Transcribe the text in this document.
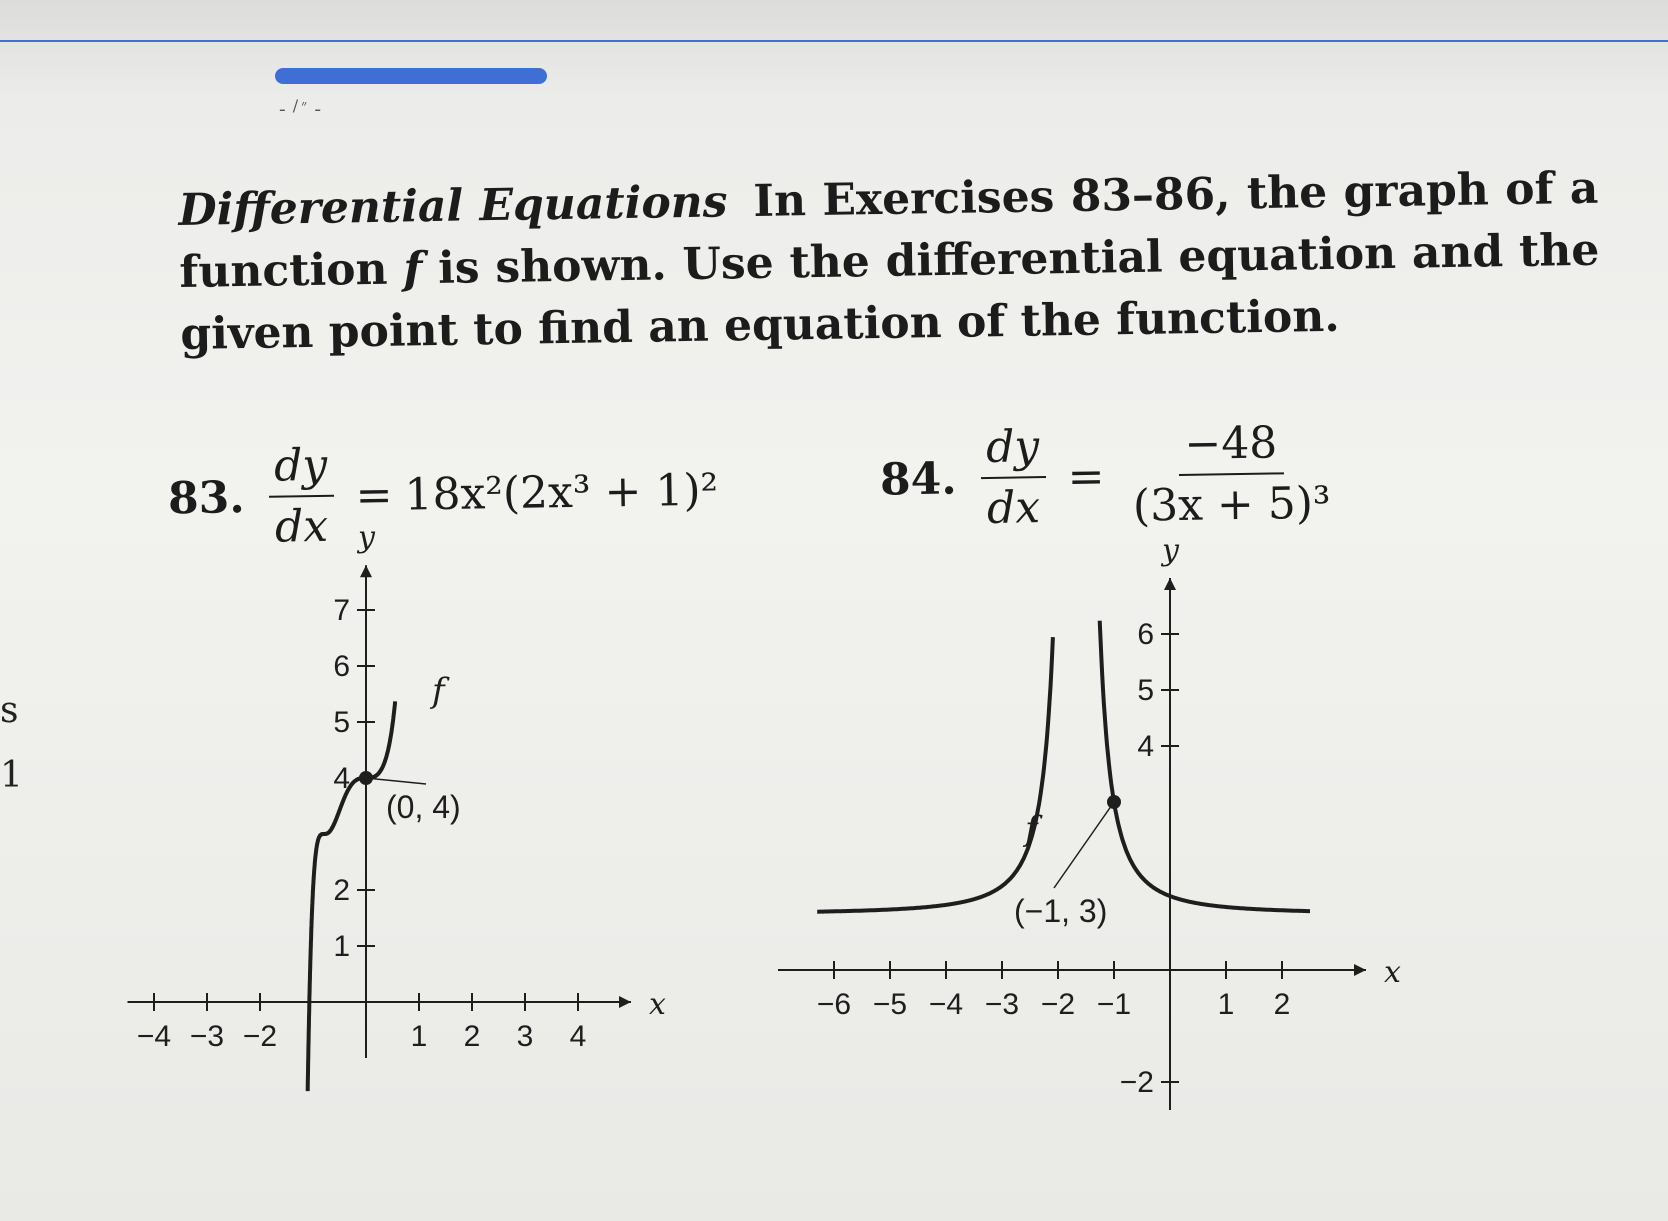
ـ ״/ ـ
s
1
Differential Equations In Exercises 83–86, the graph of a function f is shown. Use the differential equation and the given point to find an equation of the function.
83. $\frac{dy}{dx} = 18x^2(2x^3 + 1)^2$	84. $\frac{dy}{dx} = \frac{-48}{\text{(3x + 5)³}}$
x
y
−4 −3 −2	1 2 3 4
1
2
4
5
6
7
f
(0, 4)
x
y
−6 −5 −4 −3 −2 −1	1 2
−2
4
5
6
f
(−1, 3)
